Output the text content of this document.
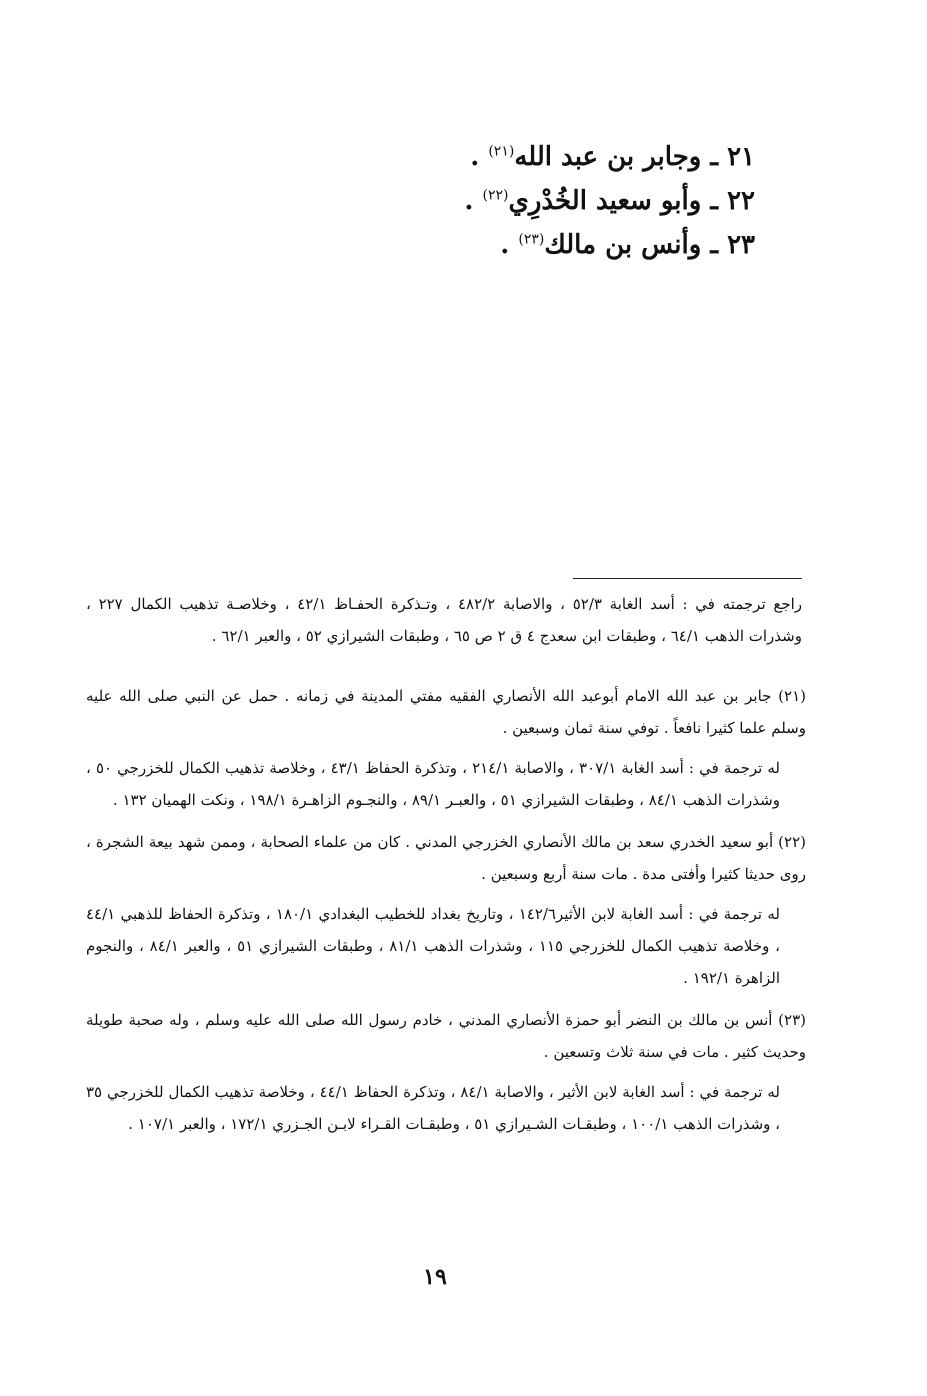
٢١ ـ وجابر بن عبد الله$^{(٢١)}$ .
٢٢ ـ وأبو سعيد الخُدْرِي$^{(٢٢)}$ .
٢٣ ـ وأنس بن مالك$^{(٢٣)}$ .

راجع ترجمته في : أسد الغابة ٥٢/٣ ، والاصابة ٤٨٢/٢ ، وتـذكرة الحفـاظ ٤٢/١ ، وخلاصـة تذهيب الكمال ٢٢٧ ، وشذرات الذهب ٦٤/١ ، وطبقات ابن سعدج ٤ ق ٢ ص ٦٥ ، وطبقات الشيرازي ٥٢ ، والعبر ٦٢/١ .

(٢١) جابر بن عبد الله الامام أبوعبد الله الأنصاري الفقيه مفتي المدينة في زمانه . حمل عن النبي صلى الله عليه وسلم علما كثيرا نافعاً . توفي سنة ثمان وسبعين .

له ترجمة في : أسد الغابة ٣٠٧/١ ، والاصابة ٢١٤/١ ، وتذكرة الحفاظ ٤٣/١ ، وخلاصة تذهيب الكمال للخزرجي ٥٠ ، وشذرات الذهب ٨٤/١ ، وطبقات الشيرازي ٥١ ، والعبـر ٨٩/١ ، والنجـوم الزاهـرة ١٩٨/١ ، ونكت الهميان ١٣٢ .

(٢٢) أبو سعيد الخدري سعد بن مالك الأنصاري الخزرجي المدني . كان من علماء الصحابة ، وممن شهد بيعة الشجرة ، روى حديثا كثيرا وأفتى مدة . مات سنة أربع وسبعين .

له ترجمة في : أسد الغابة لابن الأثير١٤٢/٦ ، وتاريخ بغداد للخطيب البغدادي ١٨٠/١ ، وتذكرة الحفاظ للذهبي ٤٤/١ ، وخلاصة تذهيب الكمال للخزرجي ١١٥ ، وشذرات الذهب ٨١/١ ، وطبقات الشيرازي ٥١ ، والعبر ٨٤/١ ، والنجوم الزاهرة ١٩٢/١ .

(٢٣) أنس بن مالك بن النضر أبو حمزة الأنصاري المدني ، خادم رسول الله صلى الله عليه وسلم ، وله صحبة طويلة وحديث كثير . مات في سنة ثلاث وتسعين .

له ترجمة في : أسد الغابة لابن الأثير ، والاصابة ٨٤/١ ، وتذكرة الحفاظ ٤٤/١ ، وخلاصة تذهيب الكمال للخزرجي ٣٥ ، وشذرات الذهب ١٠٠/١ ، وطبقـات الشـيرازي ٥١ ، وطبقـات القـراء لابـن الجـزري ١٧٢/١ ، والعبر ١٠٧/١ .

١٩
